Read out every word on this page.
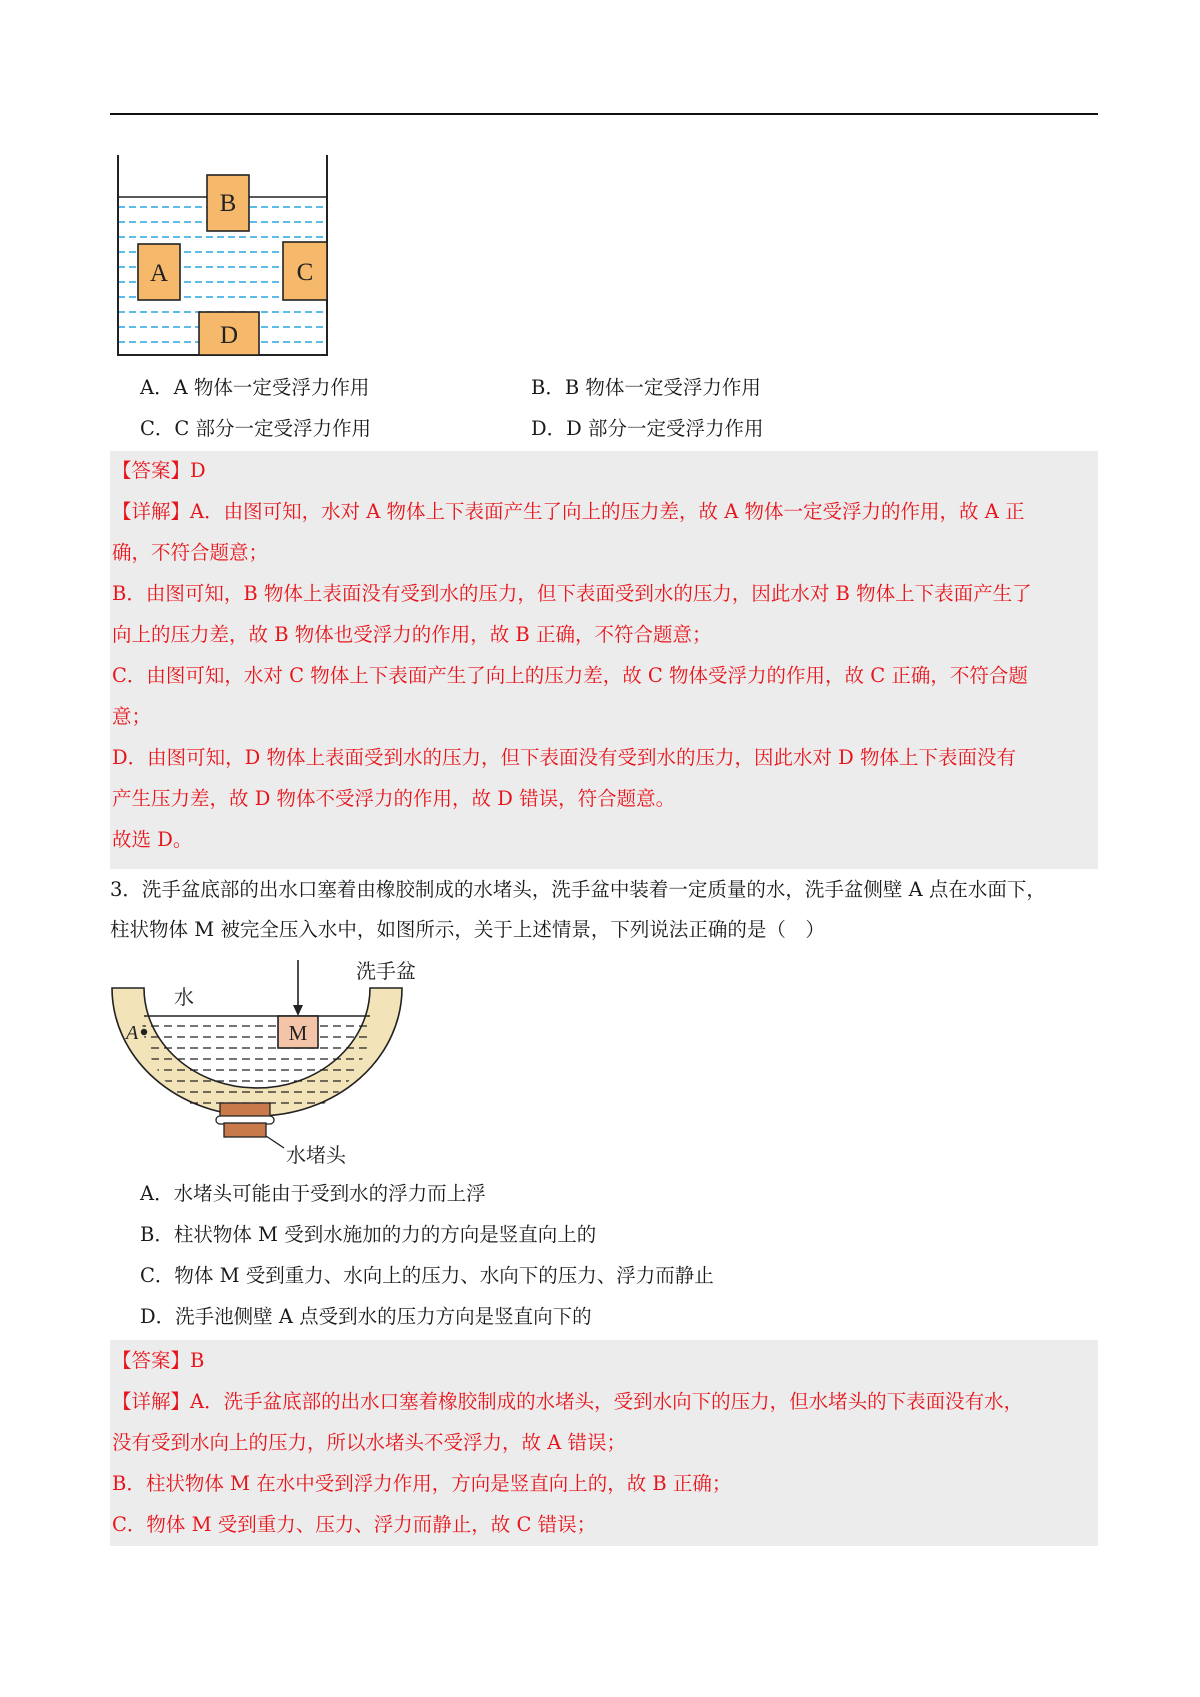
B
A	C
D
A．A 物体一定受浮力作用	B．B 物体一定受浮力作用
C．C 部分一定受浮力作用	D．D 部分一定受浮力作用
【答案】D
【详解】A．由图可知，水对 A 物体上下表面产生了向上的压力差，故 A 物体一定受浮力的作用，故 A 正
确，不符合题意；
B．由图可知，B 物体上表面没有受到水的压力，但下表面受到水的压力，因此水对 B 物体上下表面产生了
向上的压力差，故 B 物体也受浮力的作用，故 B 正确，不符合题意；
C．由图可知，水对 C 物体上下表面产生了向上的压力差，故 C 物体受浮力的作用，故 C 正确，不符合题
意；
D．由图可知，D 物体上表面受到水的压力，但下表面没有受到水的压力，因此水对 D 物体上下表面没有
产生压力差，故 D 物体不受浮力的作用，故 D 错误，符合题意。
故选 D。
3．洗手盆底部的出水口塞着由橡胶制成的水堵头，洗手盆中装着一定质量的水，洗手盆侧壁 A 点在水面下，
柱状物体 M 被完全压入水中，如图所示，关于上述情景，下列说法正确的是（　）
M
A
水
洗手盆
水堵头
A．水堵头可能由于受到水的浮力而上浮
B．柱状物体 M 受到水施加的力的方向是竖直向上的
C．物体 M 受到重力、水向上的压力、水向下的压力、浮力而静止
D．洗手池侧壁 A 点受到水的压力方向是竖直向下的
【答案】B
【详解】A．洗手盆底部的出水口塞着橡胶制成的水堵头，受到水向下的压力，但水堵头的下表面没有水，
没有受到水向上的压力，所以水堵头不受浮力，故 A 错误；
B．柱状物体 M 在水中受到浮力作用，方向是竖直向上的，故 B 正确；
C．物体 M 受到重力、压力、浮力而静止，故 C 错误；
